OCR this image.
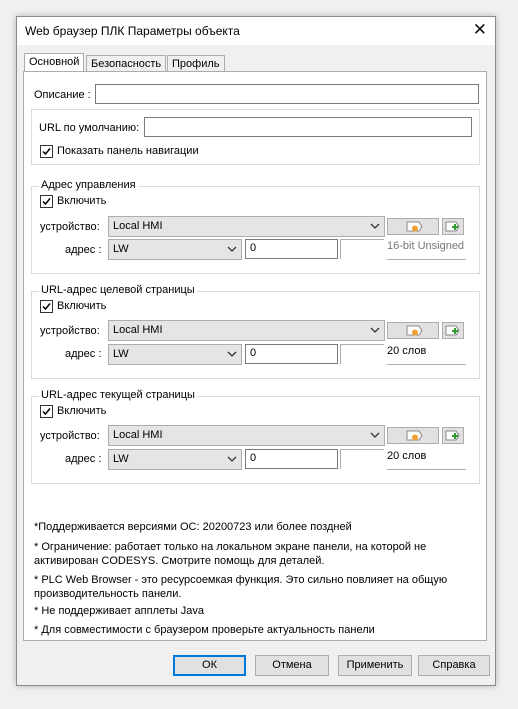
Web браузер ПЛК Параметры объекта	✕
Основной	Безопасность Профиль
Описание :
URL по умолчанию:
Показать панель навигации
Адрес управления
Включить
устройство:	Local HMI
адрес :	LW	0	16-bit Unsigned
URL-адрес целевой страницы
Включить
устройство:	Local HMI
адрес :	LW	0	20 слов
URL-адрес текущей страницы
Включить
устройство:	Local HMI
адрес :	LW	0	20 слов
*Поддерживается версиями ОС: 20200723 или более поздней
* Ограничение: работает только на локальном экране панели, на которой не активирован CODESYS. Смотрите помощь для деталей.
* PLC Web Browser - это ресурсоемкая функция. Это сильно повлияет на общую производительность панели.
* Не поддерживает апплеты Java
* Для совместимости с браузером проверьте актуальность панели
ОК	Отмена	Применить	Справка
